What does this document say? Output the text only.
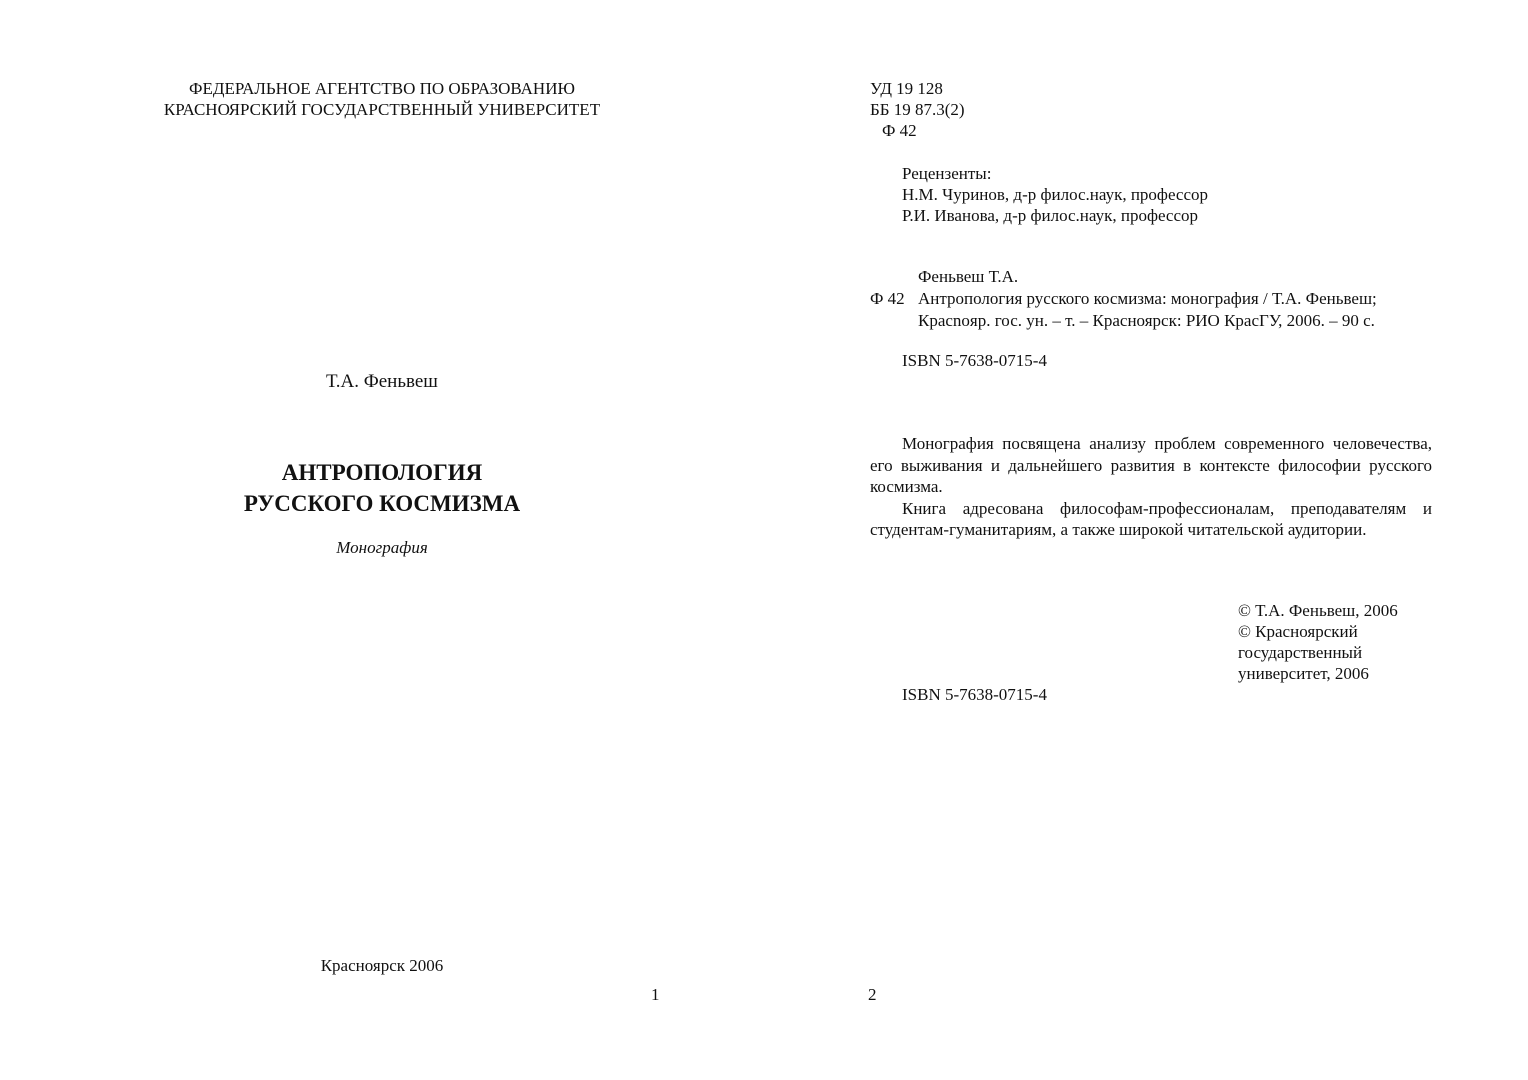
ФЕДЕРАЛЬНОЕ АГЕНТСТВО ПО ОБРАЗОВАНИЮ
КРАСНОЯРСКИЙ ГОСУДАРСТВЕННЫЙ УНИВЕРСИТЕТ
Т.А. Феньвеш
АНТРОПОЛОГИЯ
РУССКОГО КОСМИЗМА
Монография
Красноярск 2006
1
УД 19 128
ББ 19 87.3(2)
Ф 42
Рецензенты:
Н.М. Чуринов, д-р филос.наук, профессор
Р.И. Иванова, д-р филос.наук, профессор
Феньвеш Т.А.
Ф 42 Антропология русского космизма: монография / Т.А. Феньвеш;
Красnoяр. гос. ун. – т. – Красноярск: РИО КрасГУ, 2006. – 90 с.
ISBN 5-7638-0715-4

Монография посвящена анализу проблем современного человечества, его выживания и дальнейшего развития в контексте философии русского космизма.

Книга адресована философам-профессионалам, преподавателям и студентам-гуманитариям, а также широкой читательской аудитории.

© Т.А. Феньвеш, 2006
© Красноярский
государственный
университет, 2006
ISBN 5-7638-0715-4
2
